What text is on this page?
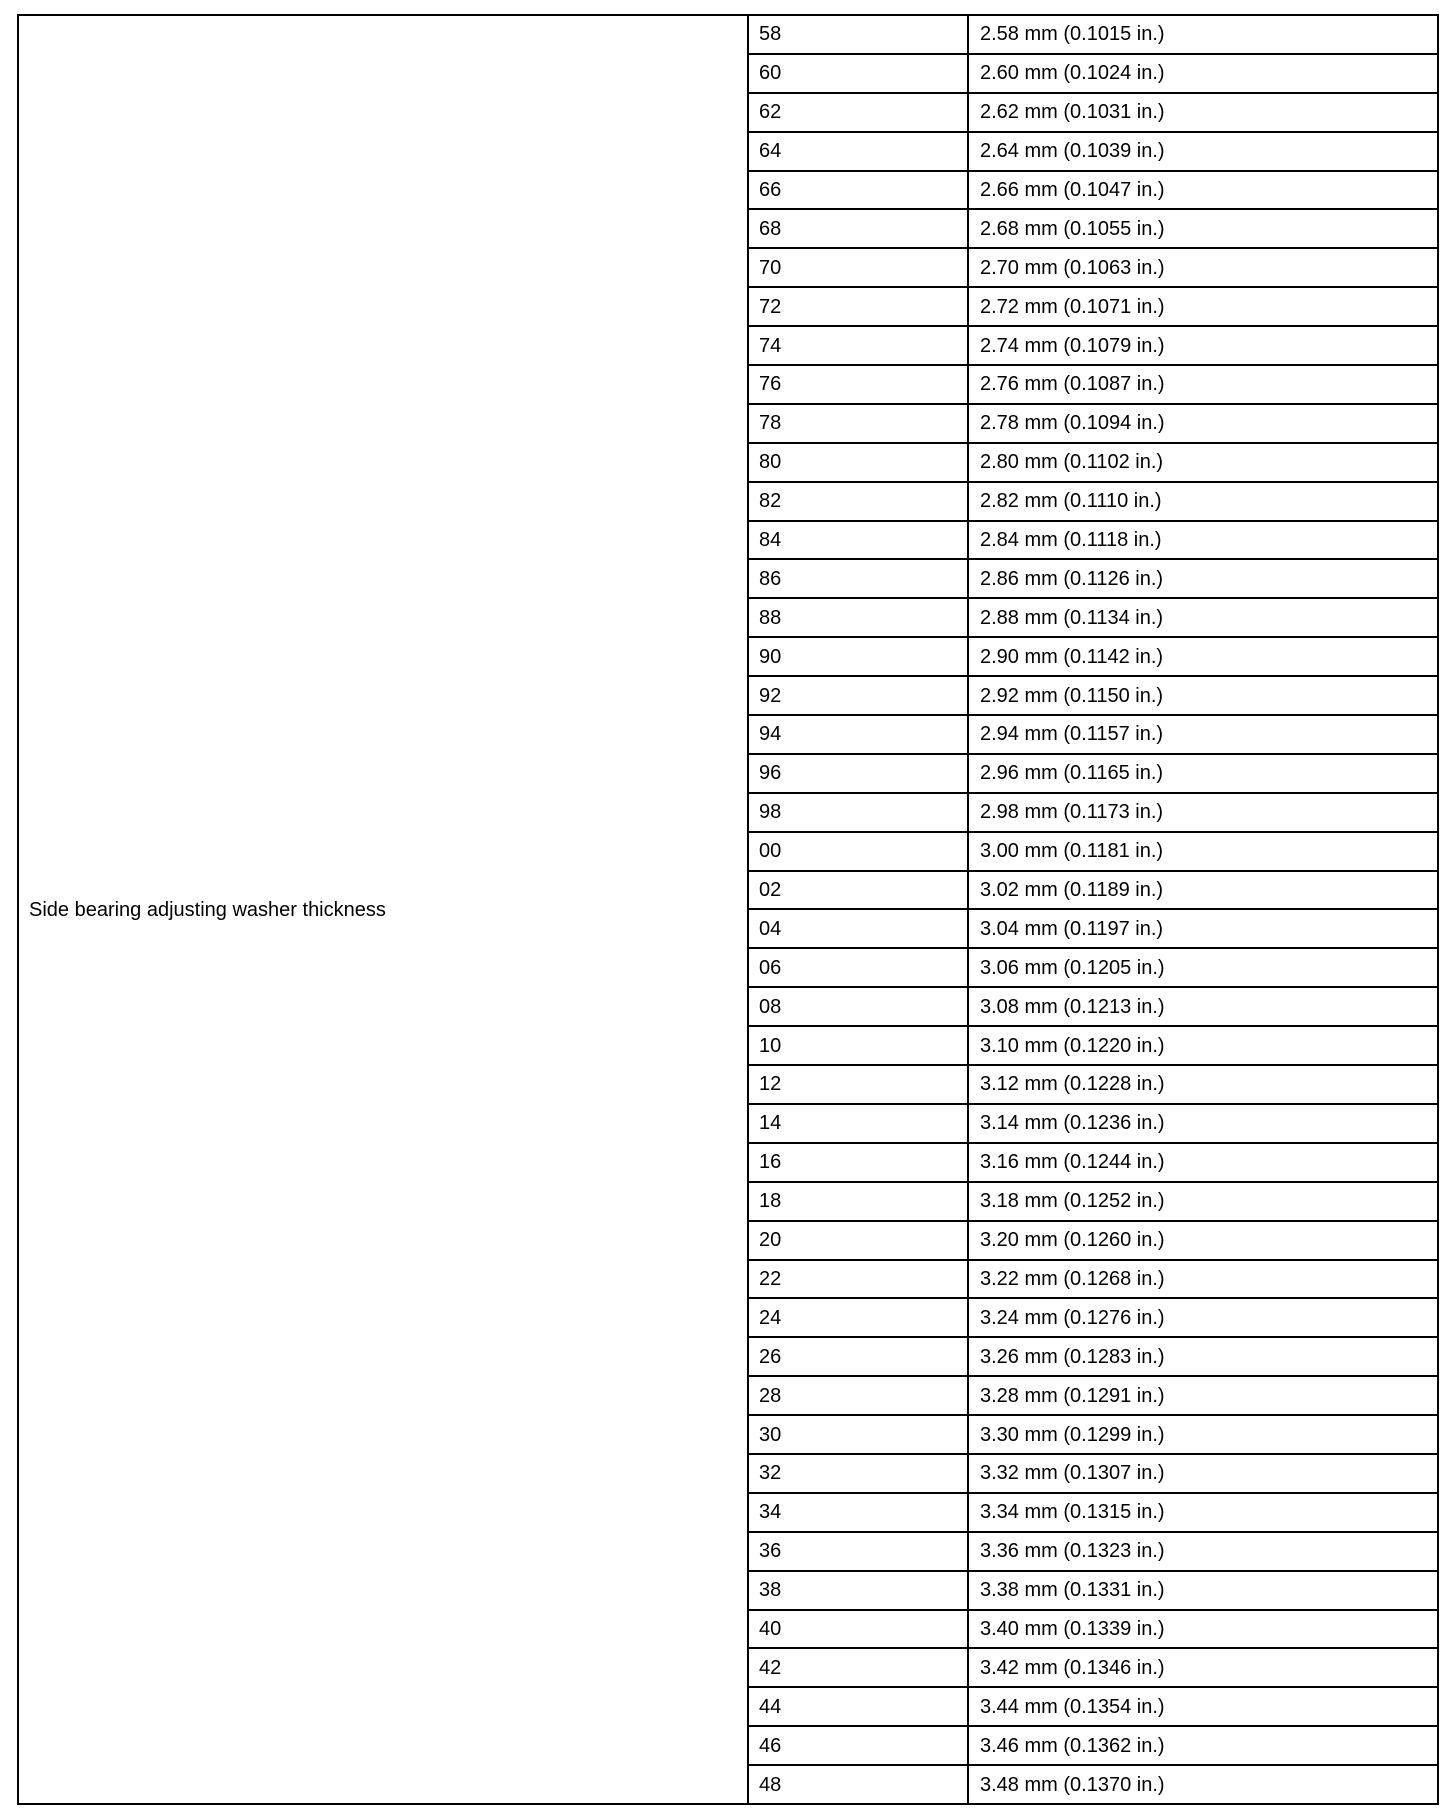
Side bearing adjusting washer thickness	58	2.58 mm (0.1015 in.)
	60	2.60 mm (0.1024 in.)
	62	2.62 mm (0.1031 in.)
	64	2.64 mm (0.1039 in.)
	66	2.66 mm (0.1047 in.)
	68	2.68 mm (0.1055 in.)
	70	2.70 mm (0.1063 in.)
	72	2.72 mm (0.1071 in.)
	74	2.74 mm (0.1079 in.)
	76	2.76 mm (0.1087 in.)
	78	2.78 mm (0.1094 in.)
	80	2.80 mm (0.1102 in.)
	82	2.82 mm (0.1110 in.)
	84	2.84 mm (0.1118 in.)
	86	2.86 mm (0.1126 in.)
	88	2.88 mm (0.1134 in.)
	90	2.90 mm (0.1142 in.)
	92	2.92 mm (0.1150 in.)
	94	2.94 mm (0.1157 in.)
	96	2.96 mm (0.1165 in.)
	98	2.98 mm (0.1173 in.)
	00	3.00 mm (0.1181 in.)
	02	3.02 mm (0.1189 in.)
	04	3.04 mm (0.1197 in.)
	06	3.06 mm (0.1205 in.)
	08	3.08 mm (0.1213 in.)
	10	3.10 mm (0.1220 in.)
	12	3.12 mm (0.1228 in.)
	14	3.14 mm (0.1236 in.)
	16	3.16 mm (0.1244 in.)
	18	3.18 mm (0.1252 in.)
	20	3.20 mm (0.1260 in.)
	22	3.22 mm (0.1268 in.)
	24	3.24 mm (0.1276 in.)
	26	3.26 mm (0.1283 in.)
	28	3.28 mm (0.1291 in.)
	30	3.30 mm (0.1299 in.)
	32	3.32 mm (0.1307 in.)
	34	3.34 mm (0.1315 in.)
	36	3.36 mm (0.1323 in.)
	38	3.38 mm (0.1331 in.)
	40	3.40 mm (0.1339 in.)
	42	3.42 mm (0.1346 in.)
	44	3.44 mm (0.1354 in.)
	46	3.46 mm (0.1362 in.)
	48	3.48 mm (0.1370 in.)
